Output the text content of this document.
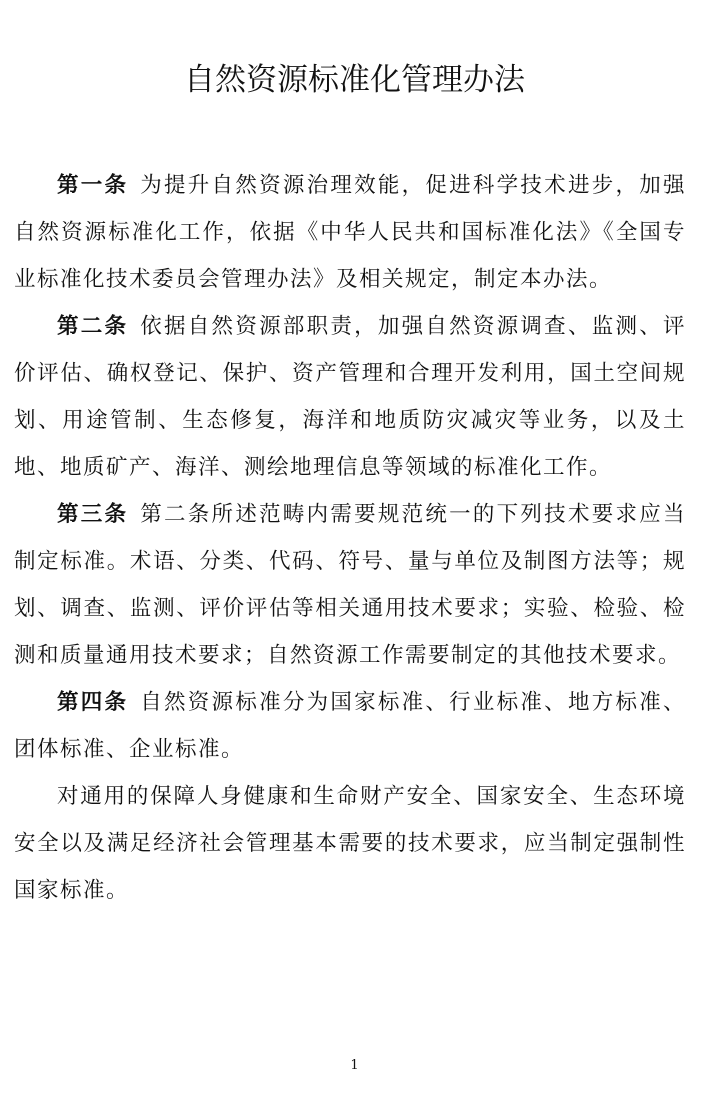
自然资源标准化管理办法

第一条 为提升自然资源治理效能，促进科学技术进步，加强自然资源标准化工作，依据《中华人民共和国标准化法》《全国专业标准化技术委员会管理办法》及相关规定，制定本办法。

第二条 依据自然资源部职责，加强自然资源调查、监测、评价评估、确权登记、保护、资产管理和合理开发利用，国土空间规划、用途管制、生态修复，海洋和地质防灾减灾等业务，以及土地、地质矿产、海洋、测绘地理信息等领域的标准化工作。

第三条 第二条所述范畴内需要规范统一的下列技术要求应当制定标准。术语、分类、代码、符号、量与单位及制图方法等；规划、调查、监测、评价评估等相关通用技术要求；实验、检验、检测和质量通用技术要求；自然资源工作需要制定的其他技术要求。

第四条 自然资源标准分为国家标准、行业标准、地方标准、团体标准、企业标准。

对通用的保障人身健康和生命财产安全、国家安全、生态环境安全以及满足经济社会管理基本需要的技术要求，应当制定强制性国家标准。

1
